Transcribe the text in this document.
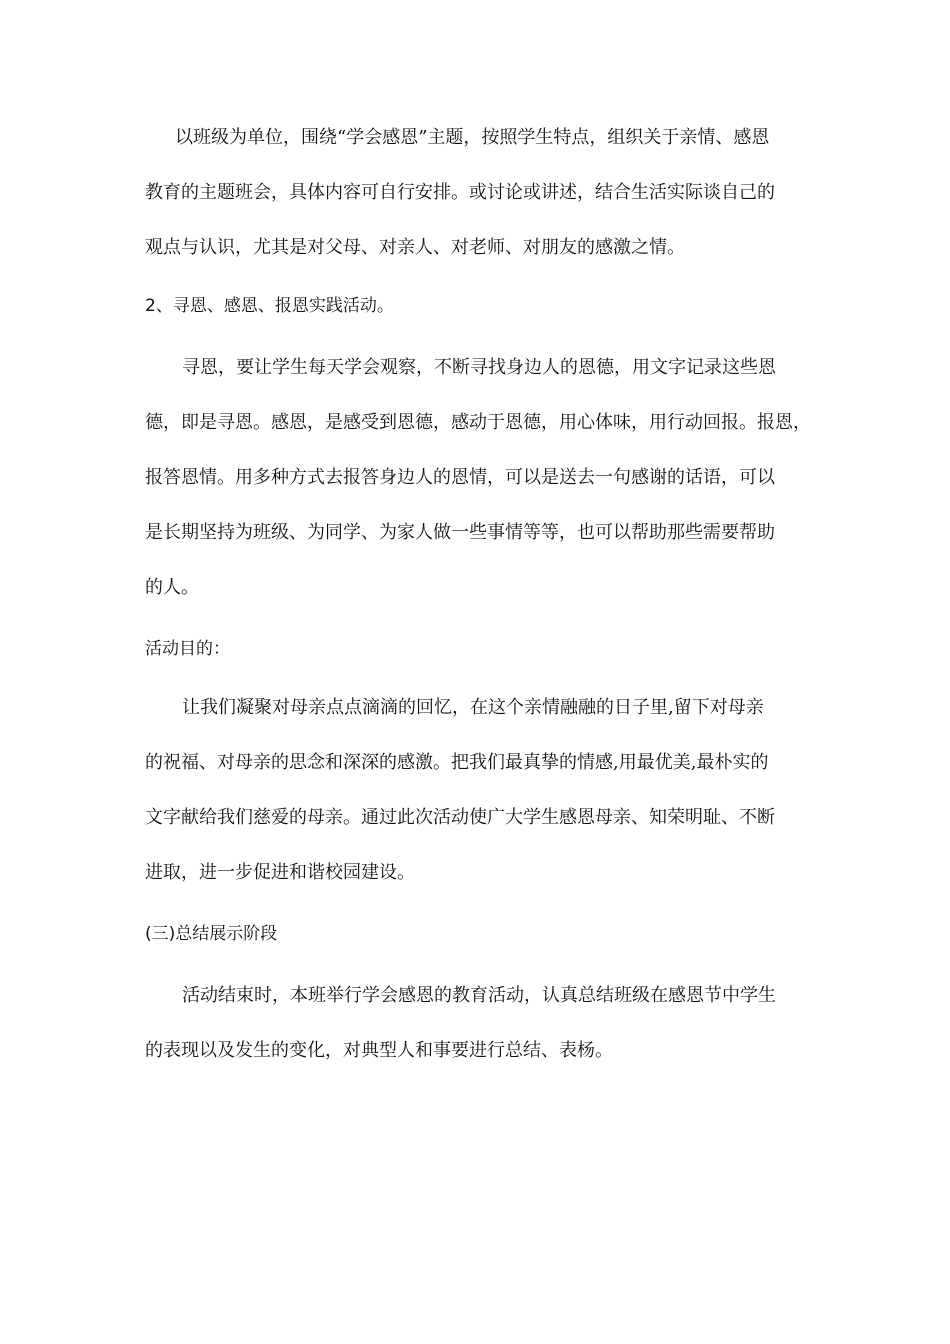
以班级为单位，围绕“学会感恩”主题，按照学生特点，组织关于亲情、感恩
教育的主题班会，具体内容可自行安排。或讨论或讲述，结合生活实际谈自己的
观点与认识，尤其是对父母、对亲人、对老师、对朋友的感激之情。
2、寻恩、感恩、报恩实践活动。
寻恩，要让学生每天学会观察，不断寻找身边人的恩德，用文字记录这些恩
德，即是寻恩。感恩，是感受到恩德，感动于恩德，用心体味，用行动回报。报恩，
报答恩情。用多种方式去报答身边人的恩情，可以是送去一句感谢的话语，可以
是长期坚持为班级、为同学、为家人做一些事情等等，也可以帮助那些需要帮助
的人。
活动目的：
让我们凝聚对母亲点点滴滴的回忆，在这个亲情融融的日子里,留下对母亲
的祝福、对母亲的思念和深深的感激。把我们最真挚的情感,用最优美,最朴实的
文字献给我们慈爱的母亲。通过此次活动使广大学生感恩母亲、知荣明耻、不断
进取，进一步促进和谐校园建设。
(三)总结展示阶段
活动结束时，本班举行学会感恩的教育活动，认真总结班级在感恩节中学生
的表现以及发生的变化，对典型人和事要进行总结、表杨。
